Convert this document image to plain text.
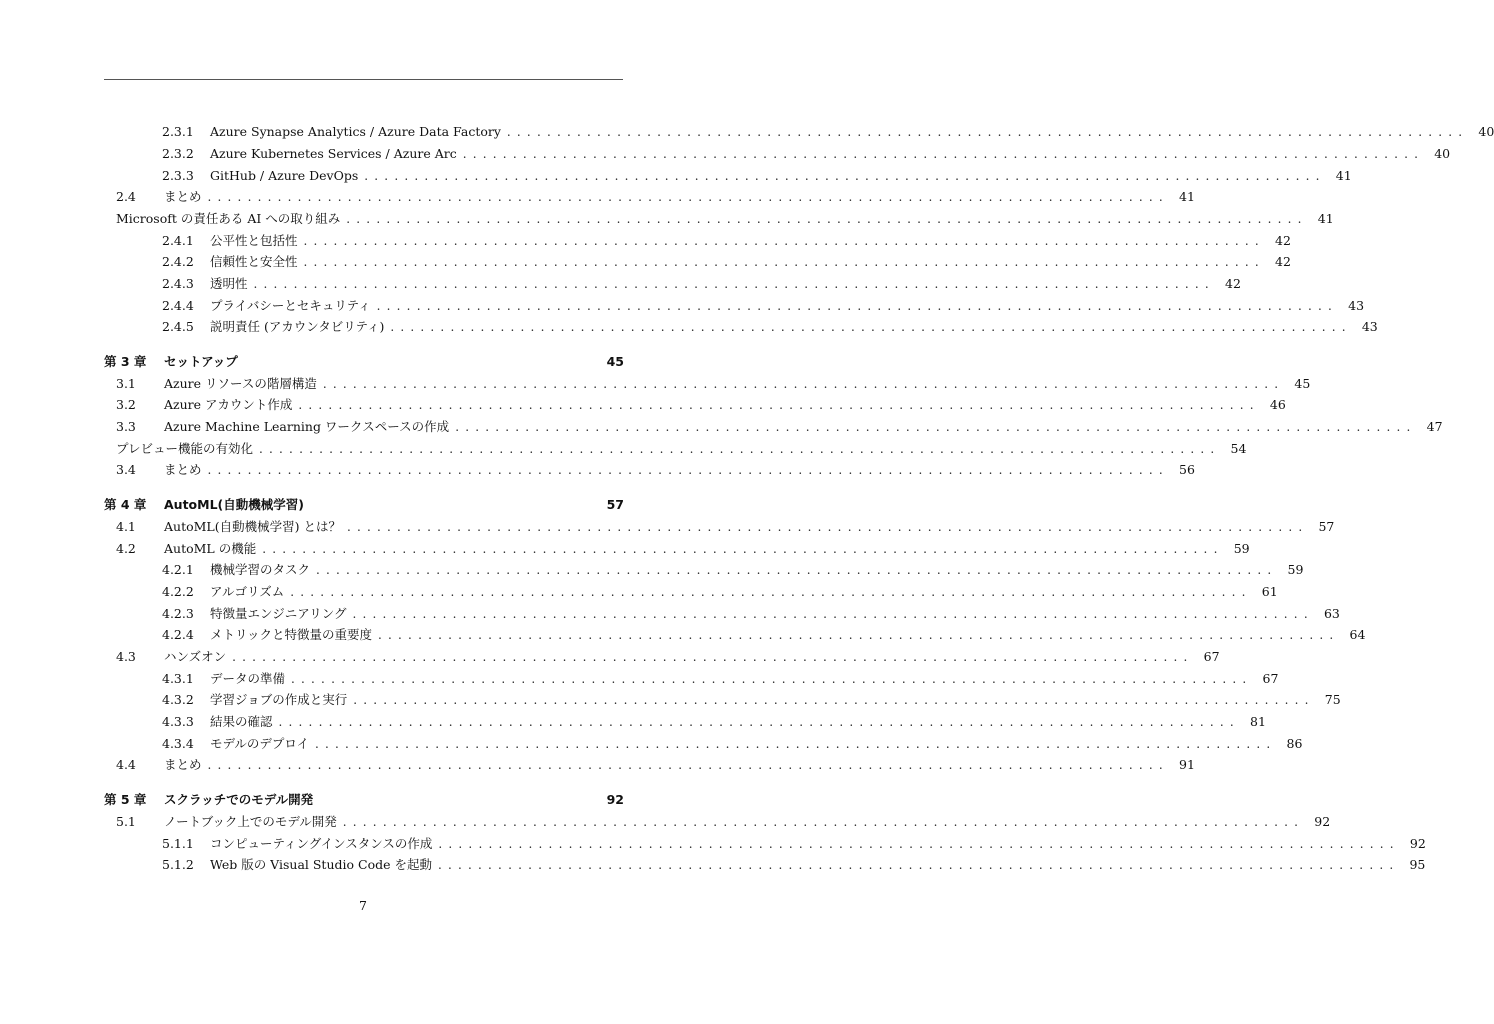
2.3.1	Azure Synapse Analytics / Azure Data Factory ................................................................................................ 40
2.3.2	Azure Kubernetes Services / Azure Arc ................................................................................................ 40
2.3.3	GitHub / Azure DevOps ................................................................................................ 41
2.4	まとめ ................................................................................................ 41
Microsoft の責任ある AI への取り組み ................................................................................................ 41
2.4.1	公平性と包括性 ................................................................................................ 42
2.4.2	信頼性と安全性 ................................................................................................ 42
2.4.3	透明性 ................................................................................................ 42
2.4.4	プライバシーとセキュリティ ................................................................................................ 43
2.4.5	説明責任 (アカウンタビリティ) ................................................................................................ 43
第 3 章	セットアップ	45
3.1	Azure リソースの階層構造 ................................................................................................ 45
3.2	Azure アカウント作成 ................................................................................................ 46
3.3	Azure Machine Learning ワークスペースの作成 ................................................................................................ 47
プレビュー機能の有効化 ................................................................................................ 54
3.4	まとめ ................................................................................................ 56
第 4 章	AutoML(自動機械学習)	57
4.1	AutoML(自動機械学習) とは？ ................................................................................................ 57
4.2	AutoML の機能 ................................................................................................ 59
4.2.1	機械学習のタスク ................................................................................................ 59
4.2.2	アルゴリズム ................................................................................................ 61
4.2.3	特徴量エンジニアリング ................................................................................................ 63
4.2.4	メトリックと特徴量の重要度 ................................................................................................ 64
4.3	ハンズオン ................................................................................................ 67
4.3.1	データの準備 ................................................................................................ 67
4.3.2	学習ジョブの作成と実行 ................................................................................................ 75
4.3.3	結果の確認 ................................................................................................ 81
4.3.4	モデルのデプロイ ................................................................................................ 86
4.4	まとめ ................................................................................................ 91
第 5 章	スクラッチでのモデル開発	92
5.1	ノートブック上でのモデル開発 ................................................................................................ 92
5.1.1	コンピューティングインスタンスの作成 ................................................................................................ 92
5.1.2	Web 版の Visual Studio Code を起動 ................................................................................................ 95
7
